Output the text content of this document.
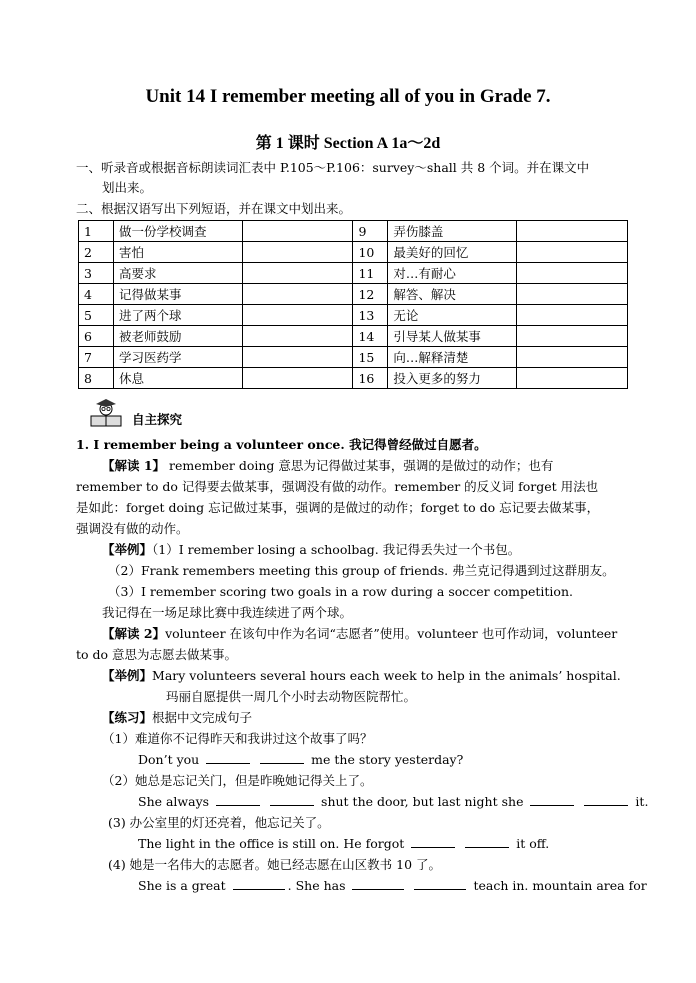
Unit 14 I remember meeting all of you in Grade 7.
第 1 课时 Section A 1a～2d
一、听录音或根据音标朗读词汇表中 P.105～P.106：survey～shall 共 8 个词。并在课文中
划出来。
二、根据汉语写出下列短语，并在课文中划出来。
1	做一份学校调查		9	弄伤膝盖	
2	害怕		10	最美好的回忆	
3	高要求		11	对…有耐心	
4	记得做某事		12	解答、解决	
5	进了两个球		13	无论	
6	被老师鼓励		14	引导某人做某事	
7	学习医药学		15	向…解释清楚	
8	休息		16	投入更多的努力	
自主探究
1. I remember being a volunteer once. 我记得曾经做过自愿者。
【解读 1】 remember doing 意思为记得做过某事，强调的是做过的动作；也有
remember to do 记得要去做某事，强调没有做的动作。remember 的反义词 forget 用法也
是如此：forget doing 忘记做过某事，强调的是做过的动作；forget to do 忘记要去做某事，
强调没有做的动作。
【举例】（1）I remember losing a schoolbag. 我记得丢失过一个书包。
（2）Frank remembers meeting this group of friends. 弗兰克记得遇到过这群朋友。
（3）I remember scoring two goals in a row during a soccer competition.
我记得在一场足球比赛中我连续进了两个球。
【解读 2】volunteer 在该句中作为名词“志愿者”使用。volunteer 也可作动词，volunteer
to do 意思为志愿去做某事。
【举例】Mary volunteers several hours each week to help in the animals’ hospital.
玛丽自愿提供一周几个小时去动物医院帮忙。
【练习】根据中文完成句子
（1）难道你不记得昨天和我讲过这个故事了吗？
Don’t you	me the story yesterday?
（2）她总是忘记关门，但是昨晚她记得关上了。
She always	shut the door, but last night she	it.
(3) 办公室里的灯还亮着，他忘记关了。
The light in the office is still on. He forgot	it off.
(4) 她是一名伟大的志愿者。她已经志愿在山区教书 10 了。
She is a great	. She has	teach in. mountain area for
